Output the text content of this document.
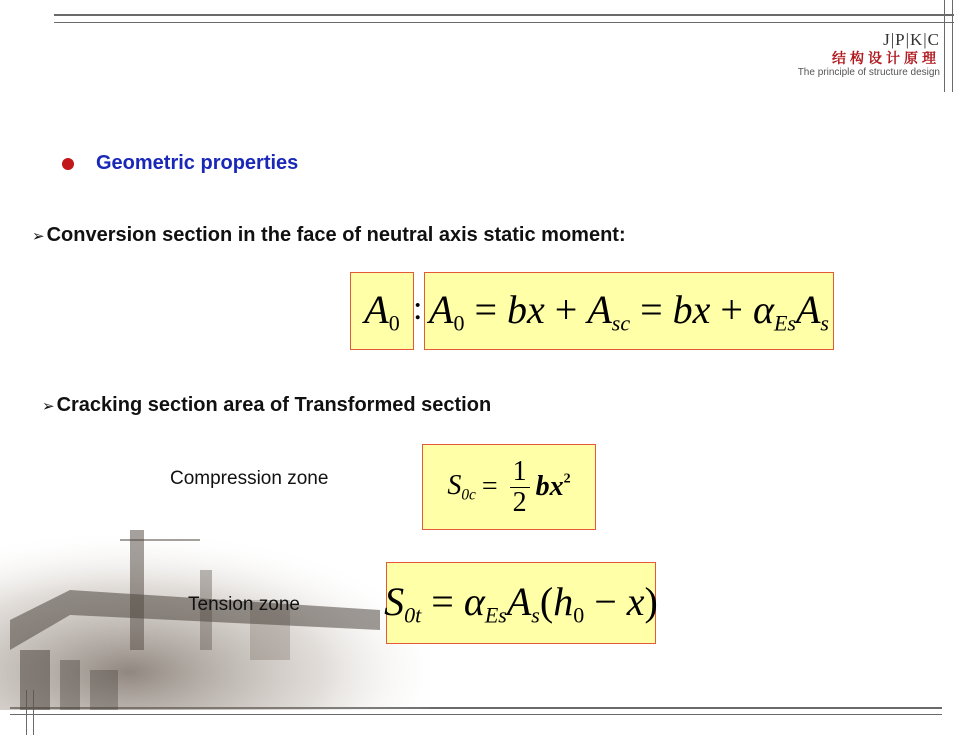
J|P|K|C
结构设计原理
The principle of structure design
Geometric properties
➢ Conversion section in the face of neutral axis static moment:
$A_0$ : $A_0$ = bx + $A_{sc}$ = bx + $\alpha_{Es}A_s$
➢ Cracking section area of Transformed section
Compression zone	$S_{0c} = \frac{1}{2} bx^2$
Tension zone $S_{0t} = \alpha_{Es}A_s(h_0 - x)$
